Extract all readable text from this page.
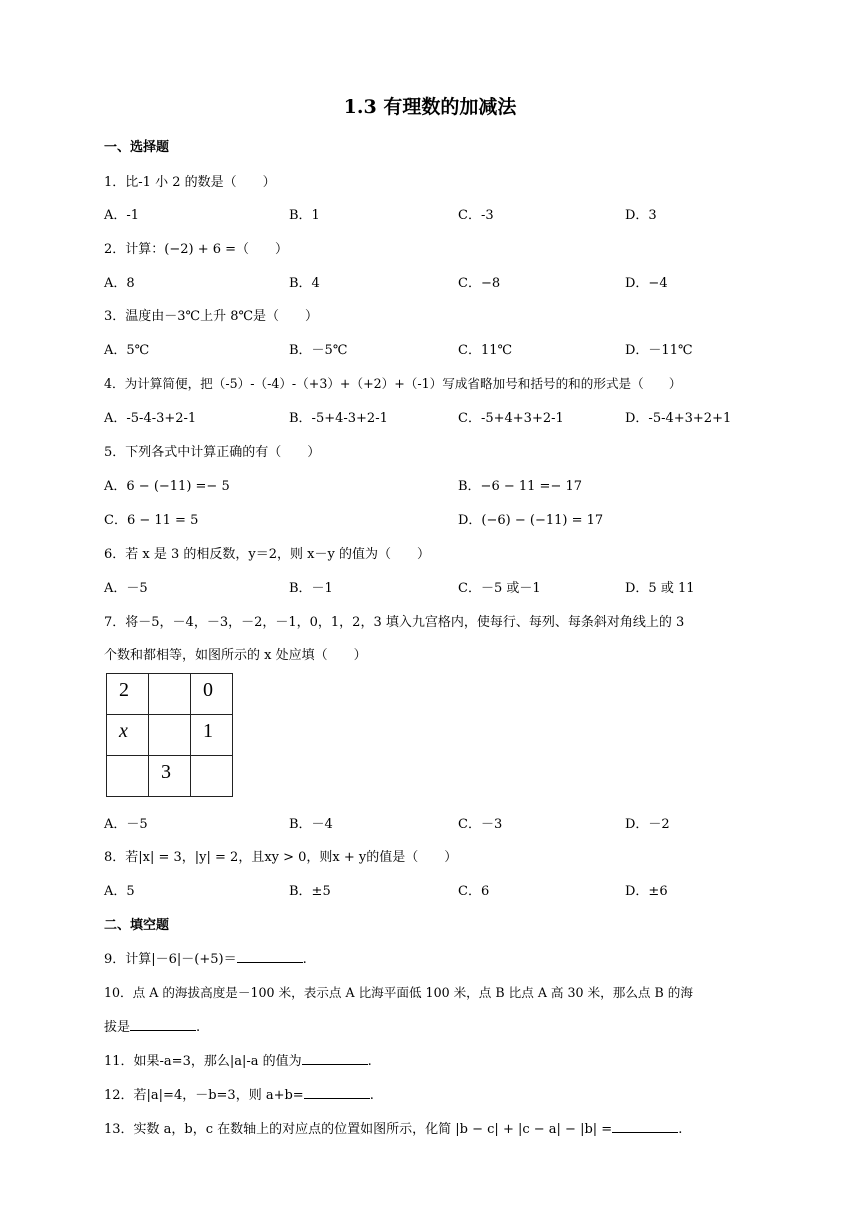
1.3 有理数的加减法
一、选择题
1．比-1 小 2 的数是（　　）
A．-1	B．1	C．-3	D．3
2．计算：(−2) + 6 =（　　）
A．8	B．4	C．−8	D．−4
3．温度由－3℃上升 8℃是（　　）
A．5℃	B．－5℃	C．11℃	D．－11℃
4．为计算简便，把（-5）-（-4）-（+3）+（+2）+（-1）写成省略加号和括号的和的形式是（　　）
A．-5-4-3+2-1	B．-5+4-3+2-1	C．-5+4+3+2-1	D．-5-4+3+2+1
5．下列各式中计算正确的有（　　）
A．6 − (−11) =− 5	B．−6 − 11 =− 17
C．6 − 11 = 5	D．(−6) − (−11) = 17
6．若 x 是 3 的相反数，y＝2，则 x－y 的值为（　　）
A．－5	B．－1	C．－5 或－1	D．5 或 11
7．将－5，－4，－3，－2，－1，0，1，2，3 填入九宫格内，使每行、每列、每条斜对角线上的 3
个数和都相等，如图所示的 x 处应填（　　）
2		0
x		1
	3	
A．－5	B．－4	C．－3	D．－2
8．若|x| = 3，|y| = 2，且xy > 0，则x + y的值是（　　）
A．5	B．±5	C．6	D．±6
二、填空题
9．计算|－6|－(+5)＝	.
10．点 A 的海拔高度是－100 米，表示点 A 比海平面低 100 米，点 B 比点 A 高 30 米，那么点 B 的海
拔是	.
11．如果-a=3，那么|a|-a 的值为	.
12．若|a|=4，－b=3，则 a+b=	.
13．实数 a，b，c 在数轴上的对应点的位置如图所示，化简 |b − c| + |c − a| − |b| =	.
